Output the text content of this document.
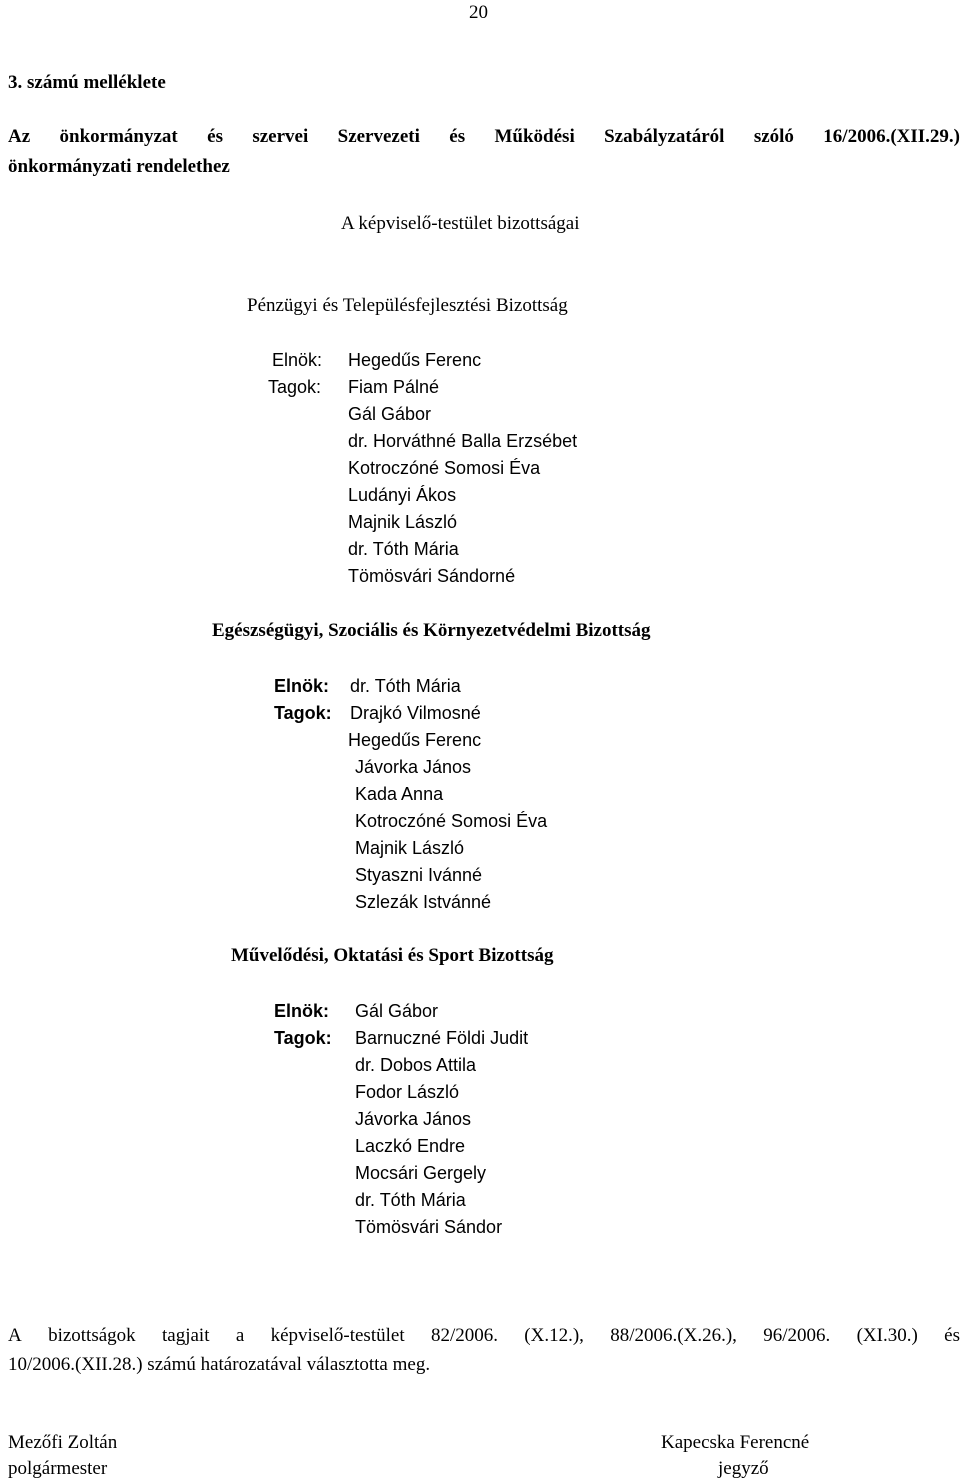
20
3. számú melléklete
Az önkormányzat és szervei Szervezeti és Működési Szabályzatáról szóló 16/2006.(XII.29.)
önkormányzati rendelethez
A képviselő-testület bizottságai
Pénzügyi és Településfejlesztési Bizottság
Elnök: Hegedűs Ferenc
Tagok: Fiam Pálné
Gál Gábor
dr. Horváthné Balla Erzsébet
Kotroczóné Somosi Éva
Ludányi Ákos
Majnik László
dr. Tóth Mária
Tömösvári Sándorné
Egészségügyi, Szociális és Környezetvédelmi Bizottság
Elnök: dr. Tóth Mária
Tagok: Drajkó Vilmosné
Hegedűs Ferenc
Jávorka János
Kada Anna
Kotroczóné Somosi Éva
Majnik László
Styaszni Ivánné
Szlezák Istvánné
Művelődési, Oktatási és Sport Bizottság
Elnök: Gál Gábor
Tagok: Barnuczné Földi Judit
dr. Dobos Attila
Fodor László
Jávorka János
Laczkó Endre
Mocsári Gergely
dr. Tóth Mária
Tömösvári Sándor
A bizottságok tagjait a képviselő-testület 82/2006. (X.12.), 88/2006.(X.26.), 96/2006. (XI.30.) és
10/2006.(XII.28.) számú határozatával választotta meg.
Mezőfi Zoltán
polgármester
Kapecska Ferencné
jegyző
